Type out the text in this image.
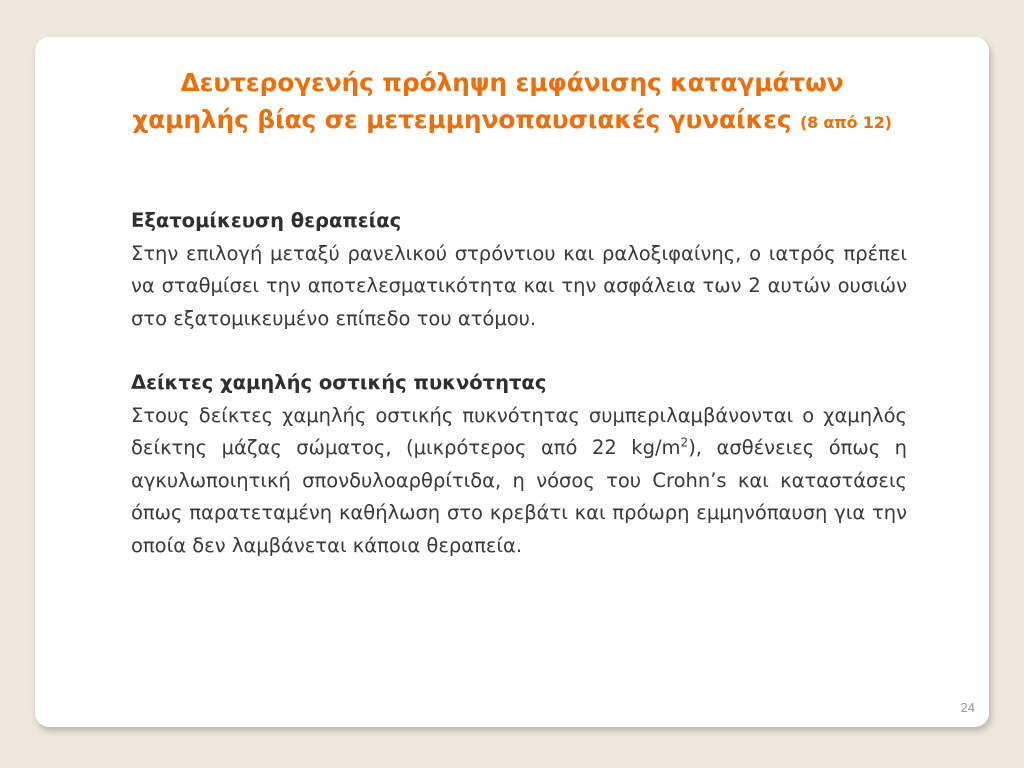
Δευτερογενής πρόληψη εμφάνισης καταγμάτων
χαμηλής βίας σε μετεμμηνοπαυσιακές γυναίκες (8 από 12)
Εξατομίκευση θεραπείας
Στην επιλογή μεταξύ ρανελικού στρόντιου και ραλοξιφαίνης, ο ιατρός πρέπει να σταθμίσει την αποτελεσματικότητα και την ασφάλεια των 2 αυτών ουσιών στο εξατομικευμένο επίπεδο του ατόμου.
Δείκτες χαμηλής οστικής πυκνότητας
Στους δείκτες χαμηλής οστικής πυκνότητας συμπεριλαμβάνονται ο χαμηλός δείκτης μάζας σώματος, (μικρότερος από 22 $kg/m^2$), ασθένειες όπως η αγκυλωποιητική σπονδυλοαρθρίτιδα, η νόσος του Crohn’s και καταστάσεις όπως παρατεταμένη καθήλωση στο κρεβάτι και πρόωρη εμμηνόπαυση για την οποία δεν λαμβάνεται κάποια θεραπεία.
24
